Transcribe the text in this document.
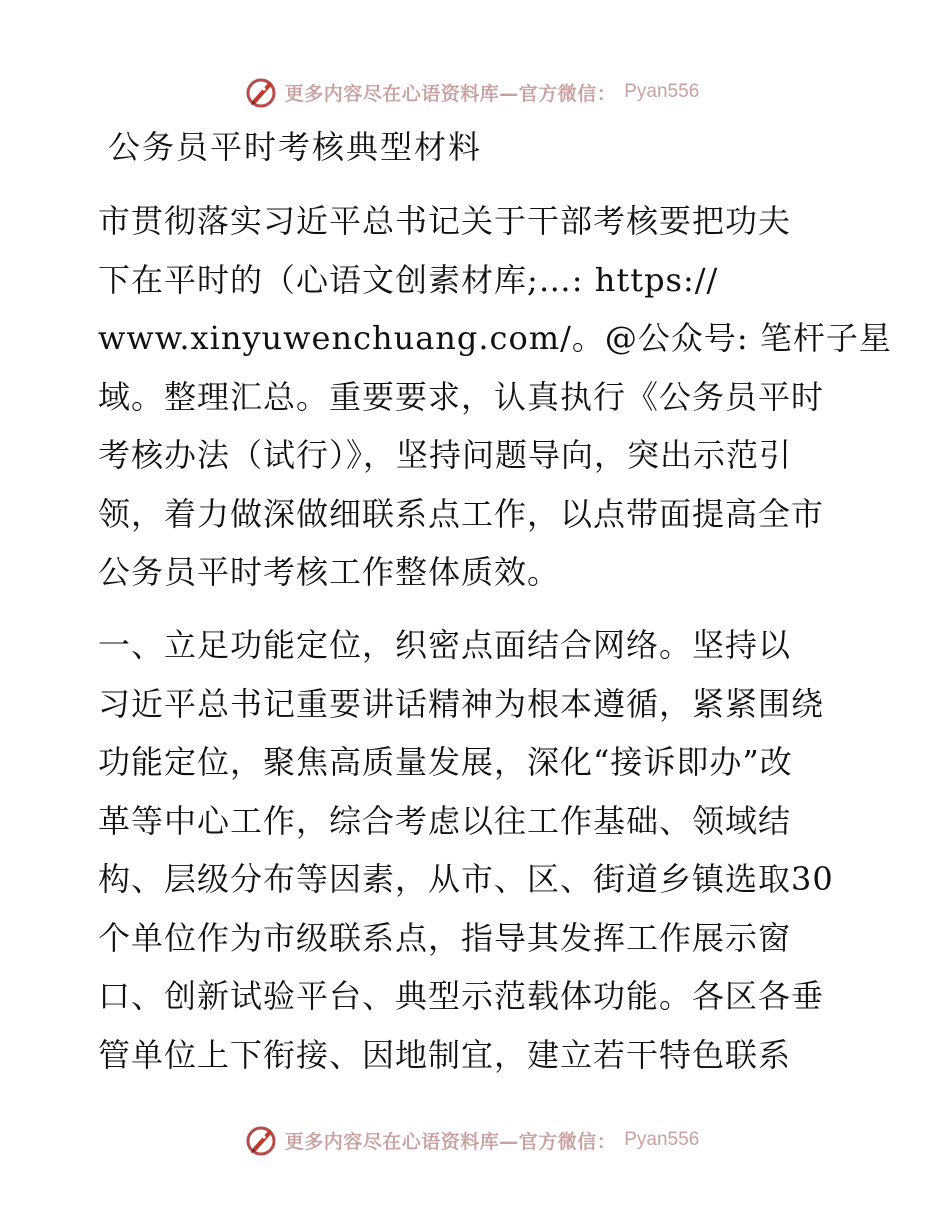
更多内容尽在心语资料库—官方微信： Pyan556
公务员平时考核典型材料
市贯彻落实习近平总书记关于干部考核要把功夫
下在平时的（心语文创素材库;…: https://
www.xinyuwenchuang.com/。@公众号: 笔杆子星
域。整理汇总。重要要求，认真执行《公务员平时
考核办法（试行）》，坚持问题导向，突出示范引
领，着力做深做细联系点工作，以点带面提高全市
公务员平时考核工作整体质效。
一、立足功能定位，织密点面结合网络。坚持以
习近平总书记重要讲话精神为根本遵循，紧紧围绕
功能定位，聚焦高质量发展，深化“接诉即办”改
革等中心工作，综合考虑以往工作基础、领域结
构、层级分布等因素，从市、区、街道乡镇选取30
个单位作为市级联系点，指导其发挥工作展示窗
口、创新试验平台、典型示范载体功能。各区各垂
管单位上下衔接、因地制宜，建立若干特色联系
更多内容尽在心语资料库—官方微信： Pyan556
